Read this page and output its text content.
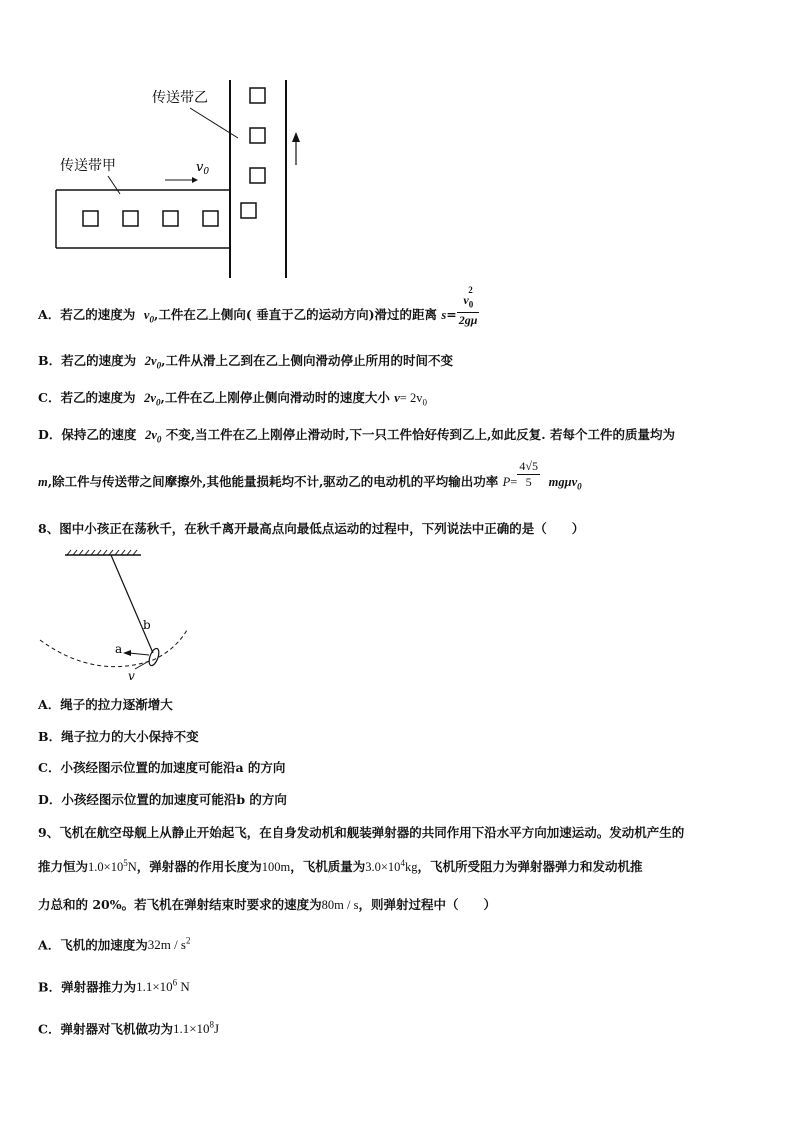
传送带乙
传送带甲	$v_0$
A．若乙的速度为 $v_0$,工件在乙上侧向( 垂直于乙的运动方向)滑过的距离 $s= \frac{v_0^2}{2g\mu}$
B．若乙的速度为 $2v_0$,工件从滑上乙到在乙上侧向滑动停止所用的时间不变
C．若乙的速度为 $2v_0$,工件在乙上刚停止侧向滑动时的速度大小 $v= 2v_0$
D．保持乙的速度 $2v_0$ 不变,当工件在乙上刚停止滑动时,下一只工件恰好传到乙上,如此反复. 若每个工件的质量均为
m,除工件与传送带之间摩擦外,其他能量损耗均不计,驱动乙的电动机的平均输出功率 $P= \frac{4√5}{5} mg\mu v_0$
8、图中小孩正在荡秋千，在秋千离开最高点向最低点运动的过程中，下列说法中正确的是（　　）
b
a
v
A．绳子的拉力逐渐增大
B．绳子拉力的大小保持不变
C．小孩经图示位置的加速度可能沿a 的方向
D．小孩经图示位置的加速度可能沿b 的方向
9、飞机在航空母舰上从静止开始起飞，在自身发动机和舰装弹射器的共同作用下沿水平方向加速运动。发动机产生的
推力恒为$1.0\times 10^5N$，弹射器的作用长度为100m，飞机质量为$3.0\times 10^4kg$，飞机所受阻力为弹射器弹力和发动机推
力总和的 20%。若飞机在弹射结束时要求的速度为80m / s，则弹射过程中（　　）
A．飞机的加速度为$32m / s^2$
B．弹射器推力为$1.1\times 10^6$ N
C．弹射器对飞机做功为$1.1\times 10^8J$
